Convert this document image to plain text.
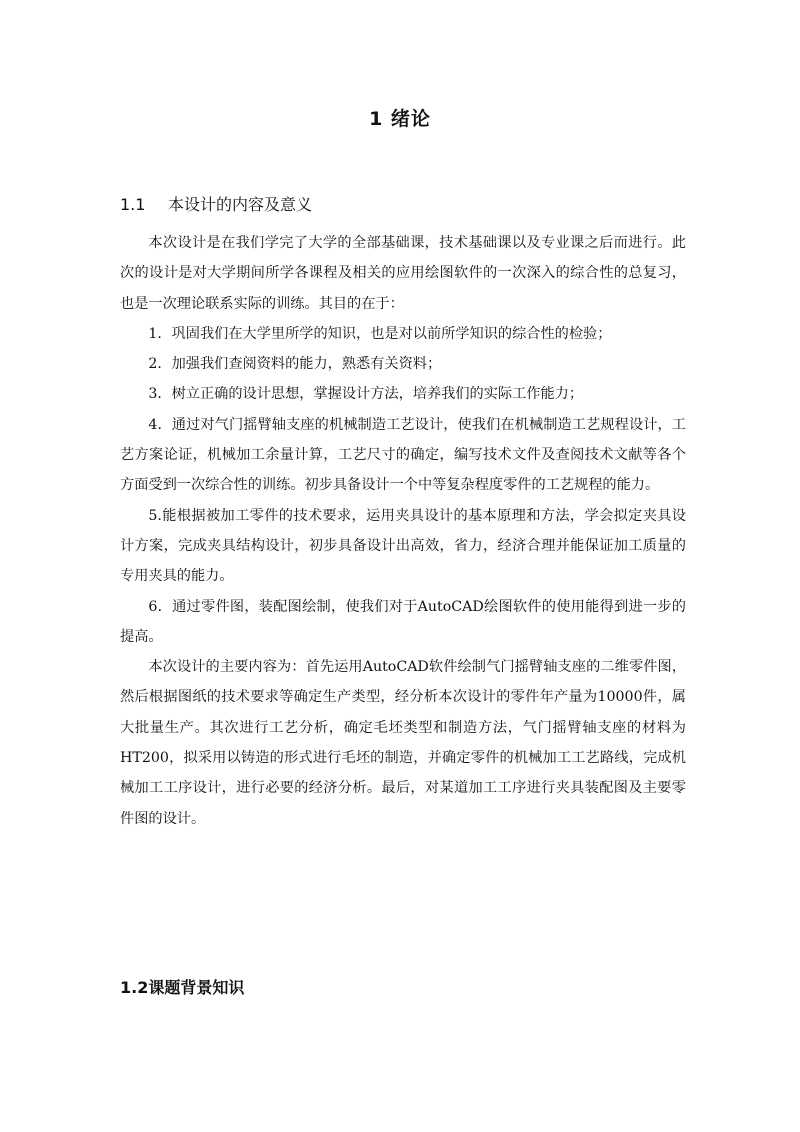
1 绪论
1.1 本设计的内容及意义

本次设计是在我们学完了大学的全部基础课，技术基础课以及专业课之后而进行。此次的设计是对大学期间所学各课程及相关的应用绘图软件的一次深入的综合性的总复习，也是一次理论联系实际的训练。其目的在于：

1．巩固我们在大学里所学的知识，也是对以前所学知识的综合性的检验；

2．加强我们查阅资料的能力，熟悉有关资料；

3．树立正确的设计思想，掌握设计方法，培养我们的实际工作能力；

4．通过对气门摇臂轴支座的机械制造工艺设计，使我们在机械制造工艺规程设计，工艺方案论证，机械加工余量计算，工艺尺寸的确定，编写技术文件及查阅技术文献等各个方面受到一次综合性的训练。初步具备设计一个中等复杂程度零件的工艺规程的能力。

5.能根据被加工零件的技术要求，运用夹具设计的基本原理和方法，学会拟定夹具设计方案，完成夹具结构设计，初步具备设计出高效，省力，经济合理并能保证加工质量的专用夹具的能力。

6．通过零件图，装配图绘制，使我们对于AutoCAD绘图软件的使用能得到进一步的提高。

本次设计的主要内容为：首先运用AutoCAD软件绘制气门摇臂轴支座的二维零件图，然后根据图纸的技术要求等确定生产类型，经分析本次设计的零件年产量为10000件，属大批量生产。其次进行工艺分析，确定毛坯类型和制造方法，气门摇臂轴支座的材料为HT200，拟采用以铸造的形式进行毛坯的制造，并确定零件的机械加工工艺路线，完成机械加工工序设计，进行必要的经济分析。最后，对某道加工工序进行夹具装配图及主要零件图的设计。

1.2课题背景知识
